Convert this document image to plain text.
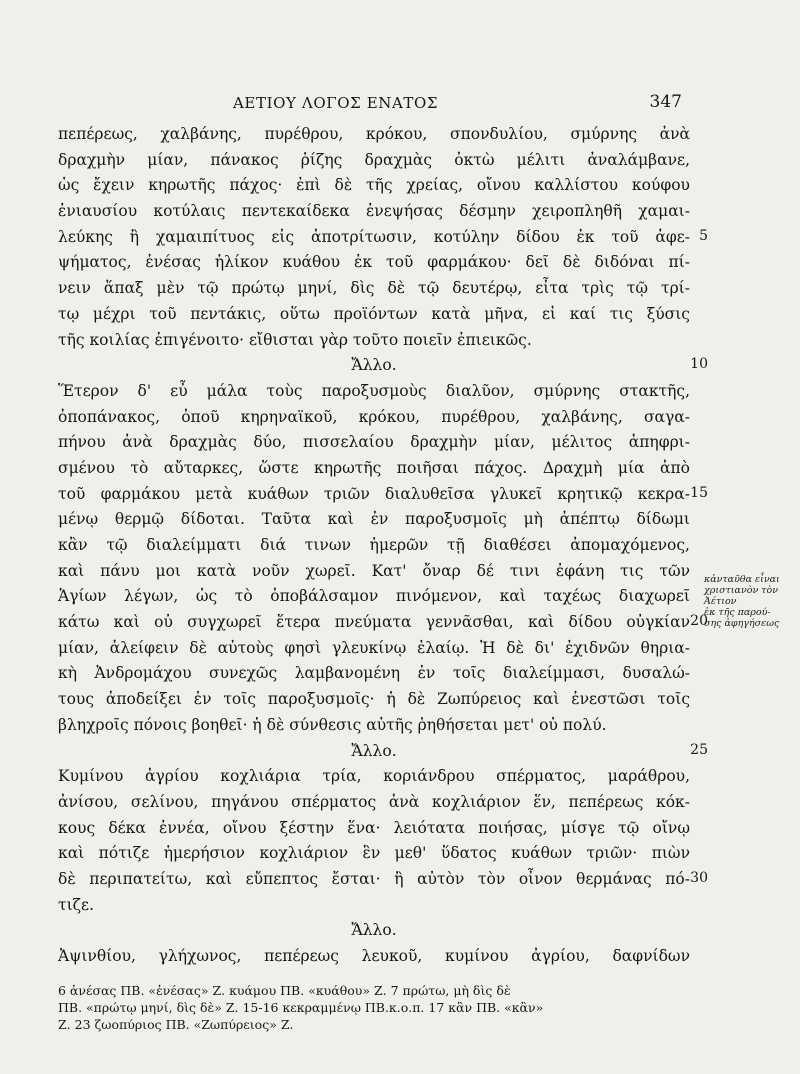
ΑΕΤΙΟΥ ΛΟΓΟΣ ΕΝΑΤΟΣ	347
πεπέρεως, χαλβάνης, πυρέθρου, κρόκου, σπονδυλίου, σμύρνης ἀνὰ
δραχμὴν μίαν, πάνακος ῥίζης δραχμὰς ὀκτὼ μέλιτι ἀναλάμβανε,
ὡς ἔχειν κηρωτῆς πάχος· ἐπὶ δὲ τῆς χρείας, οἴνου καλλίστου κούφου
ἐνιαυσίου κοτύλαις πεντεκαίδεκα ἐνεψήσας δέσμην χειροπληθῆ χαμαι-
λεύκης ἢ χαμαιπίτυος εἰς ἀποτρίτωσιν, κοτύλην δίδου ἐκ τοῦ ἀφε-
ψήματος, ἐνέσας ἡλίκον κυάθου ἐκ τοῦ φαρμάκου· δεῖ δὲ διδόναι πί-
νειν ἅπαξ μὲν τῷ πρώτῳ μηνί, δὶς δὲ τῷ δευτέρῳ, εἶτα τρὶς τῷ τρί-
τῳ μέχρι τοῦ πεντάκις, οὕτω προϊόντων κατὰ μῆνα, εἰ καί τις ξύσις
τῆς κοιλίας ἐπιγένοιτο· εἴθισται γὰρ τοῦτο ποιεῖν ἐπιεικῶς.
Ἄλλο.
Ἕτερον δ' εὖ μάλα τοὺς παροξυσμοὺς διαλῦον, σμύρνης στακτῆς,
ὀποπάνακος, ὀποῦ κηρηναϊκοῦ, κρόκου, πυρέθρου, χαλβάνης, σαγα-
πήνου ἀνὰ δραχμὰς δύο, πισσελαίου δραχμὴν μίαν, μέλιτος ἀπηφρι-
σμένου τὸ αὔταρκες, ὥστε κηρωτῆς ποιῆσαι πάχος. Δραχμὴ μία ἀπὸ
τοῦ φαρμάκου μετὰ κυάθων τριῶν διαλυθεῖσα γλυκεῖ κρητικῷ κεκρα-
μένῳ θερμῷ δίδοται. Ταῦτα καὶ ἐν παροξυσμοῖς μὴ ἀπέπτῳ δίδωμι
κἂν τῷ διαλείμματι διά τινων ἡμερῶν τῇ διαθέσει ἀπομαχόμενος,
καὶ πάνυ μοι κατὰ νοῦν χωρεῖ. Κατ' ὄναρ δέ τινι ἐφάνη τις τῶν
Ἁγίων λέγων, ὡς τὸ ὀποβάλσαμον πινόμενον, καὶ ταχέως διαχωρεῖ
κάτω καὶ οὐ συγχωρεῖ ἕτερα πνεύματα γεννᾶσθαι, καὶ δίδου οὐγκίαν
μίαν, ἀλείφειν δὲ αὐτοὺς φησὶ γλευκίνῳ ἐλαίῳ. Ἡ δὲ δι' ἐχιδνῶν θηρια-
κὴ Ἀνδρομάχου συνεχῶς λαμβανομένη ἐν τοῖς διαλείμμασι, δυσαλώ-
τους ἀποδείξει ἐν τοῖς παροξυσμοῖς· ἡ δὲ Ζωπύρειος καὶ ἐνεστῶσι τοῖς
βληχροῖς πόνοις βοηθεῖ· ἡ δὲ σύνθεσις αὐτῆς ῥηθήσεται μετ' οὐ πολύ.
Ἄλλο.
Κυμίνου ἀγρίου κοχλιάρια τρία, κοριάνδρου σπέρματος, μαράθρου,
ἀνίσου, σελίνου, πηγάνου σπέρματος ἀνὰ κοχλιάριον ἕν, πεπέρεως κόκ-
κους δέκα ἐννέα, οἴνου ξέστην ἕνα· λειότατα ποιήσας, μίσγε τῷ οἴνῳ
καὶ πότιζε ἡμερήσιον κοχλιάριον ἓν μεθ' ὕδατος κυάθων τριῶν· πιὼν
δὲ περιπατείτω, καὶ εὔπεπτος ἔσται· ἢ αὐτὸν τὸν οἶνον θερμάνας πό-
τιζε.
Ἄλλο.
Ἀψινθίου, γλήχωνος, πεπέρεως λευκοῦ, κυμίνου ἀγρίου, δαφνίδων
5
10
15
20
25
30
κἀνταῦθα εἶναι
χριστιανὸν τὸν
Ἀέτιον
ἐκ τῆς παρού-
σης ἀφηγήσεως
6 ἀνέσας ΠΒ. «ἐνέσας» Ζ. κυάμου ΠΒ. «κυάθου» Ζ. 7 πρώτω, μὴ δὶς δὲ
ΠΒ. «πρώτῳ μηνί, δὶς δὲ» Ζ. 15-16 κεκραμμένῳ ΠΒ.κ.ο.π. 17 κἂν ΠΒ. «κἂν»
Ζ. 23 ζωοπύριος ΠΒ. «Ζωπύρειος» Ζ.
